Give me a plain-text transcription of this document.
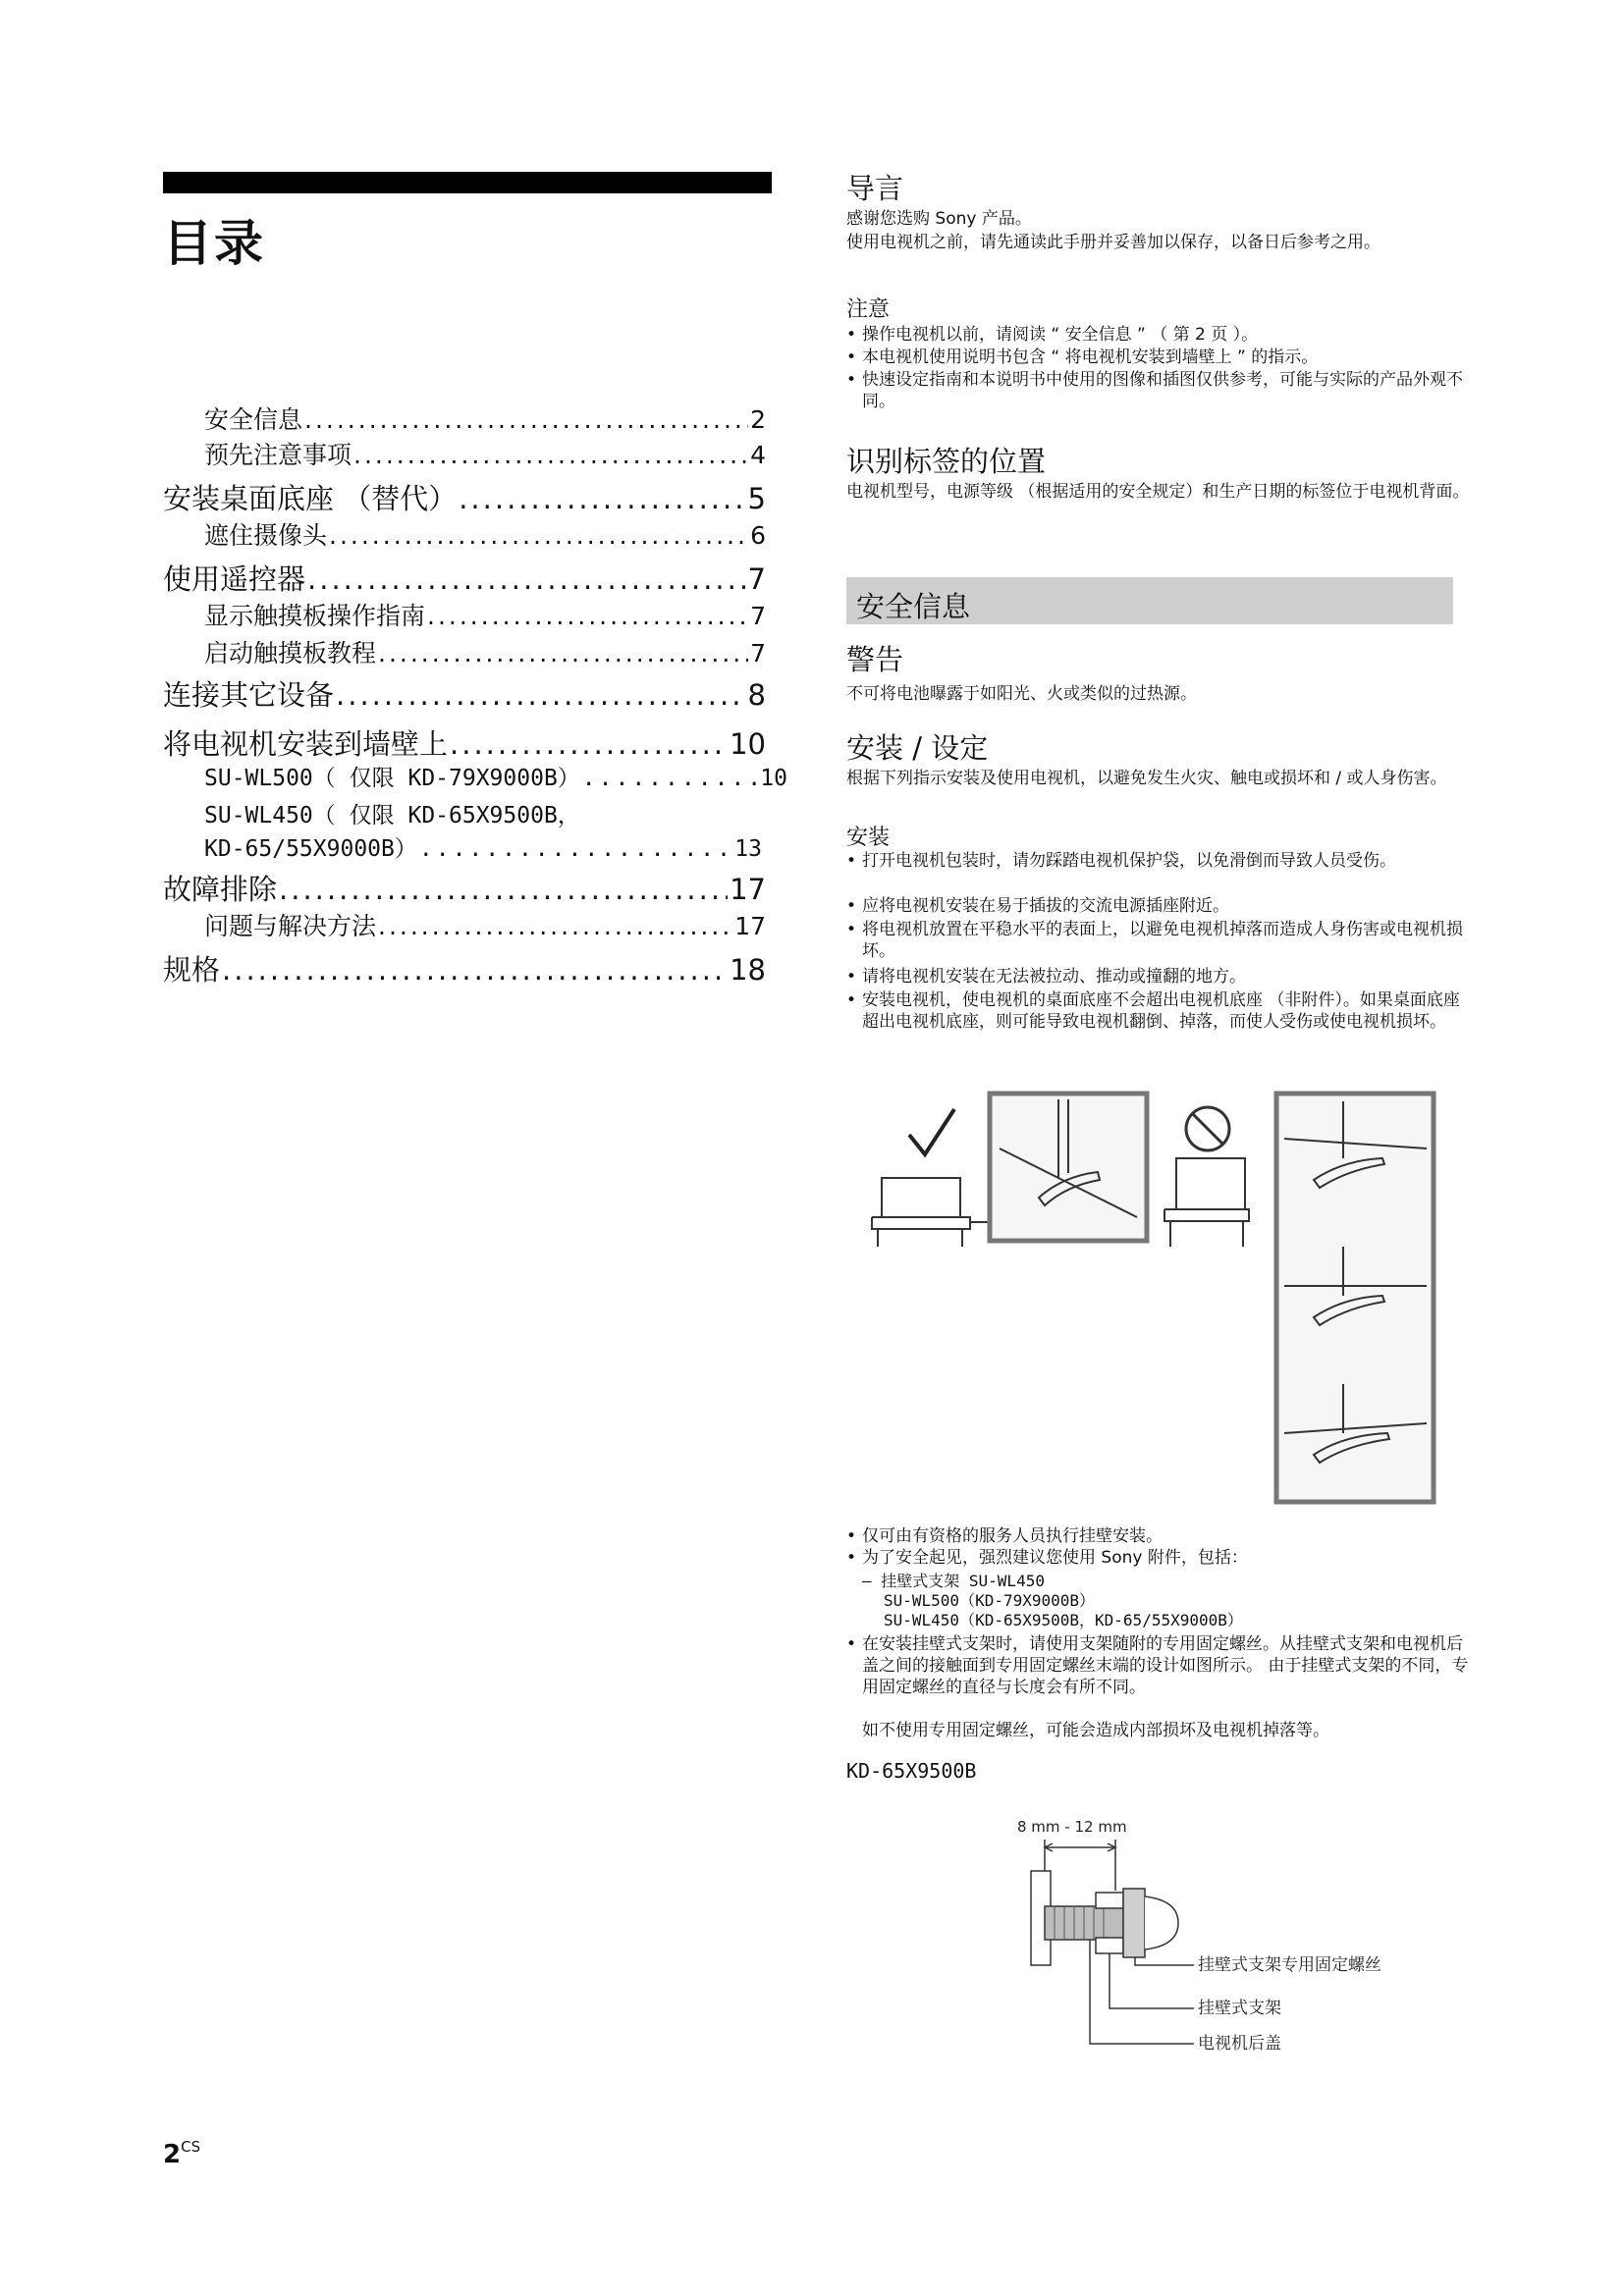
目录
安全信息 .....	2
预先注意事项 .....	4
安装桌面底座 （替代） .....	5
遮住摄像头 .....	6
使用遥控器 .....	7
显示触摸板操作指南 .....	7
启动触摸板教程 .....	7
连接其它设备 .....	8
将电视机安装到墙壁上 .....	10
SU-WL500（ 仅限 KD-79X9000B） .....	10
SU-WL450（ 仅限 KD-65X9500B，
KD-65/55X9000B） .....	13
故障排除 .....	17
问题与解决方法 .....	17
规格 .....	18
导言
感谢您选购 Sony 产品。
使用电视机之前，请先通读此手册并妥善加以保存，以备日后参考之用。
注意
• 操作电视机以前，请阅读 “ 安全信息 ” （ 第 2 页 ）。
• 本电视机使用说明书包含 “ 将电视机安装到墙壁上 ” 的指示。
• 快速设定指南和本说明书中使用的图像和插图仅供参考，可能与实际的产品外观不同。
识别标签的位置
电视机型号，电源等级 （根据适用的安全规定）和生产日期的标签位于电视机背面。
安全信息
警告
不可将电池曝露于如阳光、火或类似的过热源。
安装 / 设定
根据下列指示安装及使用电视机，以避免发生火灾、触电或损坏和 / 或人身伤害。
安装
• 打开电视机包装时，请勿踩踏电视机保护袋，以免滑倒而导致人员受伤。
• 应将电视机安装在易于插拔的交流电源插座附近。
• 将电视机放置在平稳水平的表面上，以避免电视机掉落而造成人身伤害或电视机损坏。
• 请将电视机安装在无法被拉动、推动或撞翻的地方。
• 安装电视机，使电视机的桌面底座不会超出电视机底座 （非附件）。如果桌面底座超出电视机底座，则可能导致电视机翻倒、掉落，而使人受伤或使电视机损坏。
• 仅可由有资格的服务人员执行挂壁安装。
• 为了安全起见，强烈建议您使用 Sony 附件，包括：
– 挂壁式支架 SU-WL450
SU-WL500（KD-79X9000B）
SU-WL450（KD-65X9500B，KD-65/55X9000B）
• 在安装挂壁式支架时，请使用支架随附的专用固定螺丝。从挂壁式支架和电视机后盖之间的接触面到专用固定螺丝末端的设计如图所示。 由于挂壁式支架的不同，专用固定螺丝的直径与长度会有所不同。
如不使用专用固定螺丝，可能会造成内部损坏及电视机掉落等。
KD-65X9500B
8 mm - 12 mm
挂壁式支架专用固定螺丝
挂壁式支架
电视机后盖
$2^{CS}$
